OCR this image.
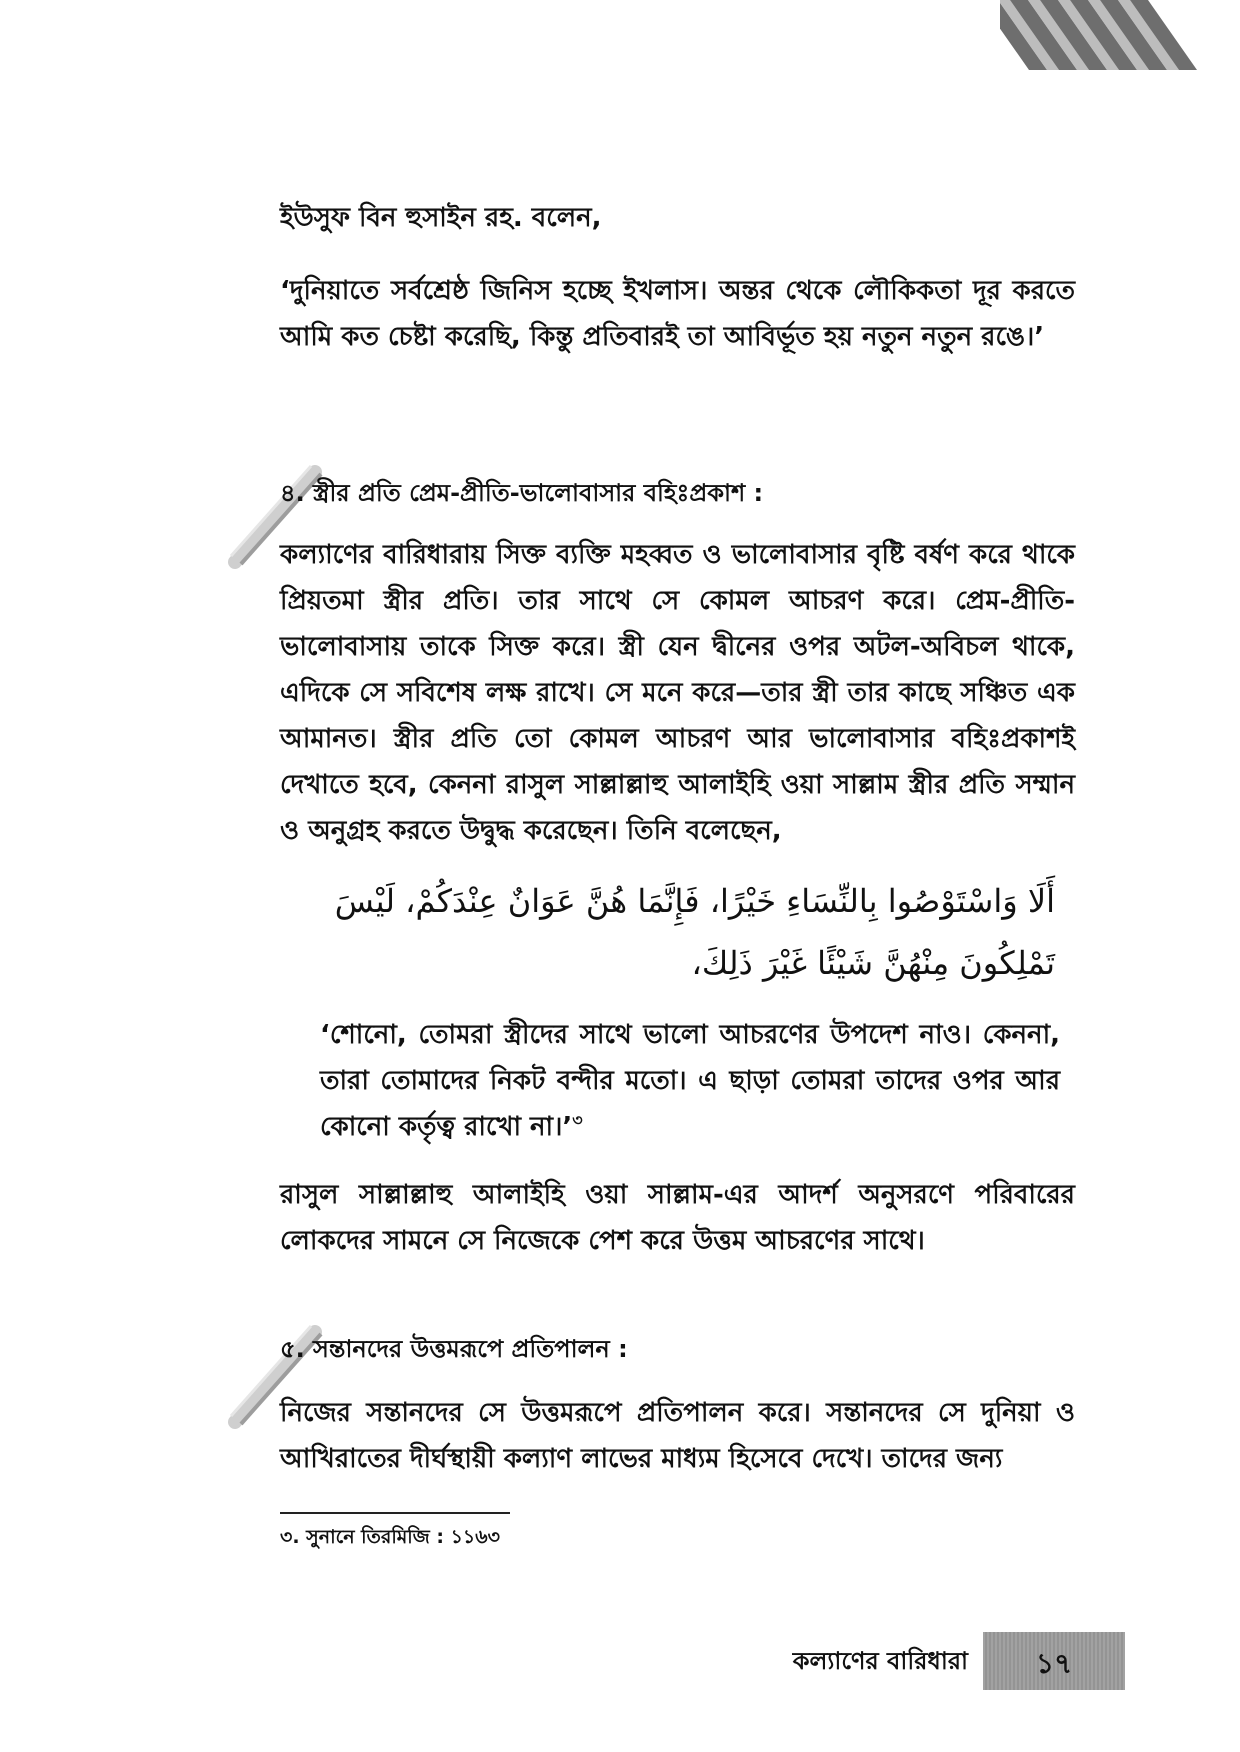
ইউসুফ বিন হুসাইন রহ. বলেন,

‘দুনিয়াতে সর্বশ্রেষ্ঠ জিনিস হচ্ছে ইখলাস। অন্তর থেকে লৌকিকতা দূর করতে আমি কত চেষ্টা করেছি, কিন্তু প্রতিবারই তা আবির্ভূত হয় নতুন নতুন রঙে।’

৪. স্ত্রীর প্রতি প্রেম-প্রীতি-ভালোবাসার বহিঃপ্রকাশ :

কল্যাণের বারিধারায় সিক্ত ব্যক্তি মহব্বত ও ভালোবাসার বৃষ্টি বর্ষণ করে থাকে প্রিয়তমা স্ত্রীর প্রতি। তার সাথে সে কোমল আচরণ করে। প্রেম-প্রীতি-ভালোবাসায় তাকে সিক্ত করে। স্ত্রী যেন দ্বীনের ওপর অটল-অবিচল থাকে, এদিকে সে সবিশেষ লক্ষ রাখে। সে মনে করে—তার স্ত্রী তার কাছে সঞ্চিত এক আমানত। স্ত্রীর প্রতি তো কোমল আচরণ আর ভালোবাসার বহিঃপ্রকাশই দেখাতে হবে, কেননা রাসুল সাল্লাল্লাহু আলাইহি ওয়া সাল্লাম স্ত্রীর প্রতি সম্মান ও অনুগ্রহ করতে উদ্বুদ্ধ করেছেন। তিনি বলেছেন,

أَلَا وَاسْتَوْصُوا بِالنِّسَاءِ خَيْرًا، فَإِنَّمَا هُنَّ عَوَانٌ عِنْدَكُمْ، لَيْسَ تَمْلِكُونَ مِنْهُنَّ شَيْئًا غَيْرَ ذَلِكَ،

‘শোনো, তোমরা স্ত্রীদের সাথে ভালো আচরণের উপদেশ নাও। কেননা, তারা তোমাদের নিকট বন্দীর মতো। এ ছাড়া তোমরা তাদের ওপর আর কোনো কর্তৃত্ব রাখো না।’$^৩$

রাসুল সাল্লাল্লাহু আলাইহি ওয়া সাল্লাম-এর আদর্শ অনুসরণে পরিবারের লোকদের সামনে সে নিজেকে পেশ করে উত্তম আচরণের সাথে।

৫. সন্তানদের উত্তমরূপে প্রতিপালন :

নিজের সন্তানদের সে উত্তমরূপে প্রতিপালন করে। সন্তানদের সে দুনিয়া ও আখিরাতের দীর্ঘস্থায়ী কল্যাণ লাভের মাধ্যম হিসেবে দেখে। তাদের জন্য

৩. সুনানে তিরমিজি : ১১৬৩
কল্যাণের বারিধারা	১৭
